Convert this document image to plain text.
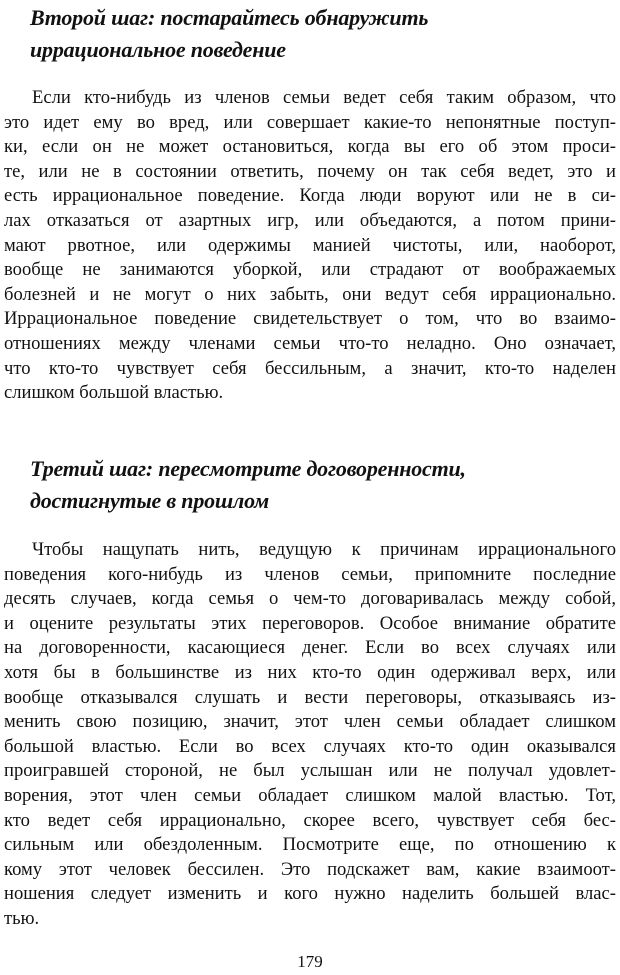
Второй шаг: постарайтесь обнаружить
иррациональное поведение
Если кто-нибудь из членов семьи ведет себя таким образом, что
это идет ему во вред, или совершает какие-то непонятные поступ-
ки, если он не может остановиться, когда вы его об этом проси-
те, или не в состоянии ответить, почему он так себя ведет, это и
есть иррациональное поведение. Когда люди воруют или не в си-
лах отказаться от азартных игр, или объедаются, а потом прини-
мают рвотное, или одержимы манией чистоты, или, наоборот,
вообще не занимаются уборкой, или страдают от воображаемых
болезней и не могут о них забыть, они ведут себя иррационально.
Иррациональное поведение свидетельствует о том, что во взаимо-
отношениях между членами семьи что-то неладно. Оно означает,
что кто-то чувствует себя бессильным, а значит, кто-то наделен
слишком большой властью.
Третий шаг: пересмотрите договоренности,
достигнутые в прошлом
Чтобы нащупать нить, ведущую к причинам иррационального
поведения кого-нибудь из членов семьи, припомните последние
десять случаев, когда семья о чем-то договаривалась между собой,
и оцените результаты этих переговоров. Особое внимание обратите
на договоренности, касающиеся денег. Если во всех случаях или
хотя бы в большинстве из них кто-то один одерживал верх, или
вообще отказывался слушать и вести переговоры, отказываясь из-
менить свою позицию, значит, этот член семьи обладает слишком
большой властью. Если во всех случаях кто-то один оказывался
проигравшей стороной, не был услышан или не получал удовлет-
ворения, этот член семьи обладает слишком малой властью. Тот,
кто ведет себя иррационально, скорее всего, чувствует себя бес-
сильным или обездоленным. Посмотрите еще, по отношению к
кому этот человек бессилен. Это подскажет вам, какие взаимоот-
ношения следует изменить и кого нужно наделить большей влас-
тью.
179
